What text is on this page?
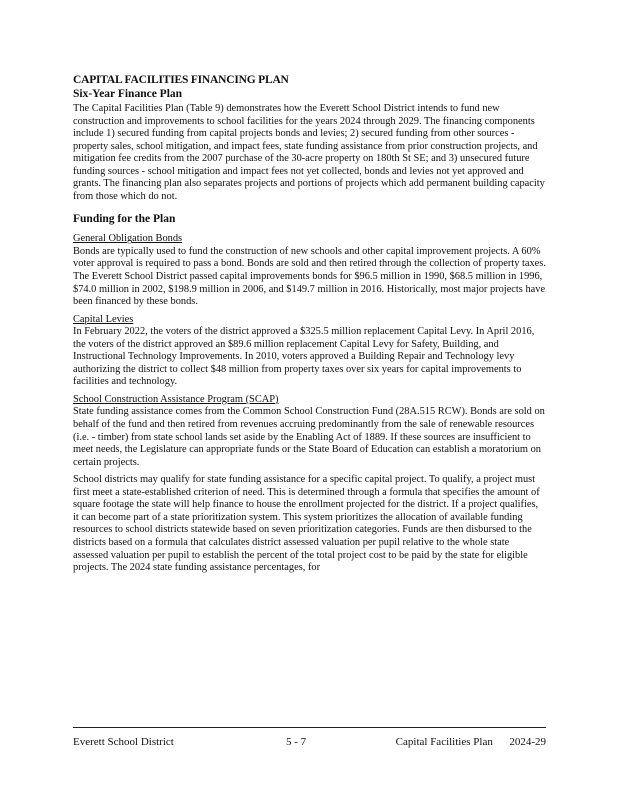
CAPITAL FACILITIES FINANCING PLAN
Six-Year Finance Plan

The Capital Facilities Plan (Table 9) demonstrates how the Everett School District intends to fund new construction and improvements to school facilities for the years 2024 through 2029. The financing components include 1) secured funding from capital projects bonds and levies; 2) secured funding from other sources - property sales, school mitigation, and impact fees, state funding assistance from prior construction projects, and mitigation fee credits from the 2007 purchase of the 30-acre property on 180th St SE; and 3) unsecured future funding sources - school mitigation and impact fees not yet collected, bonds and levies not yet approved and grants. The financing plan also separates projects and portions of projects which add permanent building capacity from those which do not.

Funding for the Plan
General Obligation Bonds

Bonds are typically used to fund the construction of new schools and other capital improvement projects. A 60% voter approval is required to pass a bond. Bonds are sold and then retired through the collection of property taxes. The Everett School District passed capital improvements bonds for $96.5 million in 1990, $68.5 million in 1996, $74.0 million in 2002, $198.9 million in 2006, and $149.7 million in 2016. Historically, most major projects have been financed by these bonds.

Capital Levies

In February 2022, the voters of the district approved a $325.5 million replacement Capital Levy. In April 2016, the voters of the district approved an $89.6 million replacement Capital Levy for Safety, Building, and Instructional Technology Improvements. In 2010, voters approved a Building Repair and Technology levy authorizing the district to collect $48 million from property taxes over six years for capital improvements to facilities and technology.

School Construction Assistance Program (SCAP)

State funding assistance comes from the Common School Construction Fund (28A.515 RCW). Bonds are sold on behalf of the fund and then retired from revenues accruing predominantly from the sale of renewable resources (i.e. - timber) from state school lands set aside by the Enabling Act of 1889. If these sources are insufficient to meet needs, the Legislature can appropriate funds or the State Board of Education can establish a moratorium on certain projects.

School districts may qualify for state funding assistance for a specific capital project. To qualify, a project must first meet a state-established criterion of need. This is determined through a formula that specifies the amount of square footage the state will help finance to house the enrollment projected for the district. If a project qualifies, it can become part of a state prioritization system. This system prioritizes the allocation of available funding resources to school districts statewide based on seven prioritization categories. Funds are then disbursed to the districts based on a formula that calculates district assessed valuation per pupil relative to the whole state assessed valuation per pupil to establish the percent of the total project cost to be paid by the state for eligible projects. The 2024 state funding assistance percentages, for

Everett School District	5 - 7	Capital Facilities Plan      2024-29
